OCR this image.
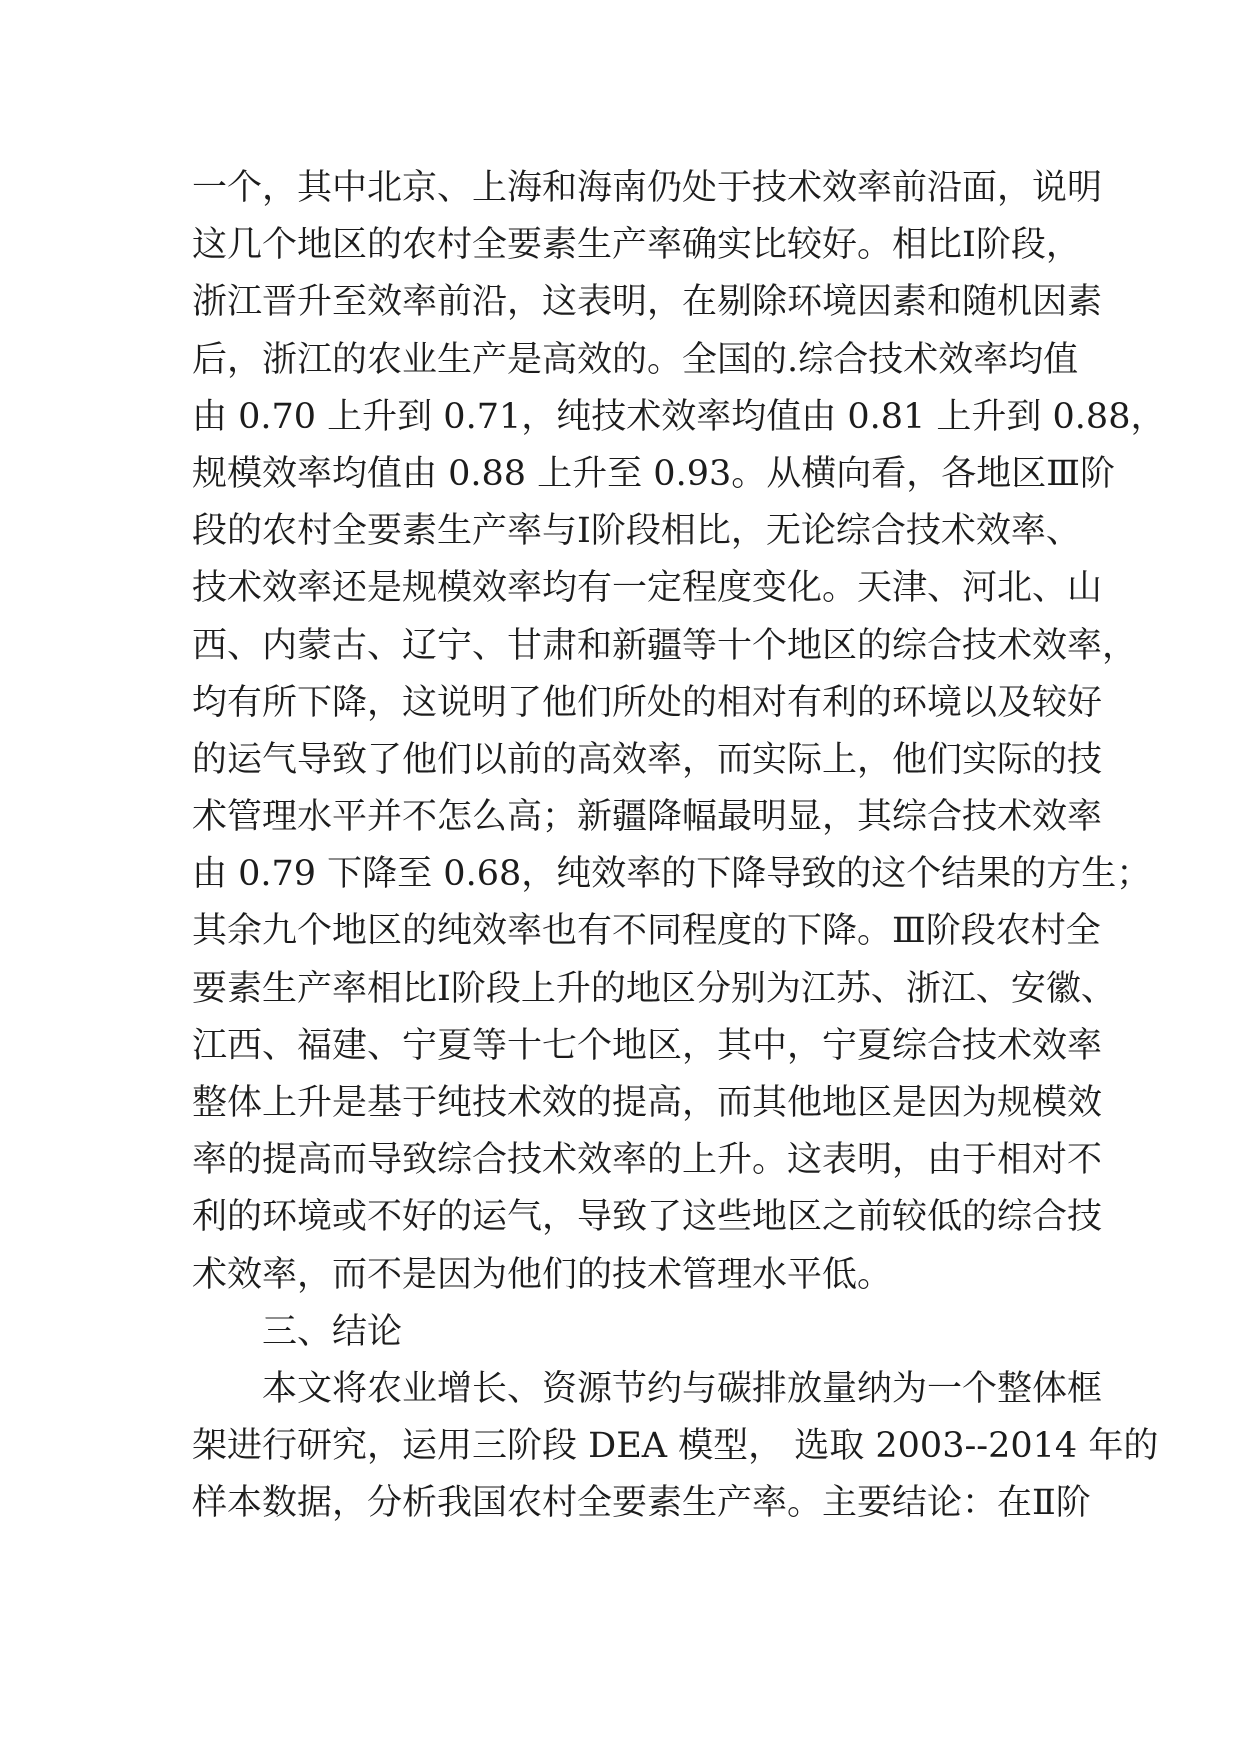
一个，其中北京、上海和海南仍处于技术效率前沿面，说明
这几个地区的农村全要素生产率确实比较好。相比Ⅰ阶段，
浙江晋升至效率前沿，这表明，在剔除环境因素和随机因素
后，浙江的农业生产是高效的。全国的.综合技术效率均值
由 0.70 上升到 0.71，纯技术效率均值由 0.81 上升到 0.88，
规模效率均值由 0.88 上升至 0.93。从横向看，各地区Ⅲ阶
段的农村全要素生产率与Ⅰ阶段相比，无论综合技术效率、
技术效率还是规模效率均有一定程度变化。天津、河北、山
西、内蒙古、辽宁、甘肃和新疆等十个地区的综合技术效率，
均有所下降，这说明了他们所处的相对有利的环境以及较好
的运气导致了他们以前的高效率，而实际上，他们实际的技
术管理水平并不怎么高；新疆降幅最明显，其综合技术效率
由 0.79 下降至 0.68，纯效率的下降导致的这个结果的方生；
其余九个地区的纯效率也有不同程度的下降。Ⅲ阶段农村全
要素生产率相比Ⅰ阶段上升的地区分别为江苏、浙江、安徽、
江西、福建、宁夏等十七个地区，其中，宁夏综合技术效率
整体上升是基于纯技术效的提高，而其他地区是因为规模效
率的提高而导致综合技术效率的上升。这表明，由于相对不
利的环境或不好的运气，导致了这些地区之前较低的综合技
术效率，而不是因为他们的技术管理水平低。
三、结论
本文将农业增长、资源节约与碳排放量纳为一个整体框
架进行研究，运用三阶段 DEA 模型， 选取 2003--2014 年的
样本数据，分析我国农村全要素生产率。主要结论：在Ⅱ阶
